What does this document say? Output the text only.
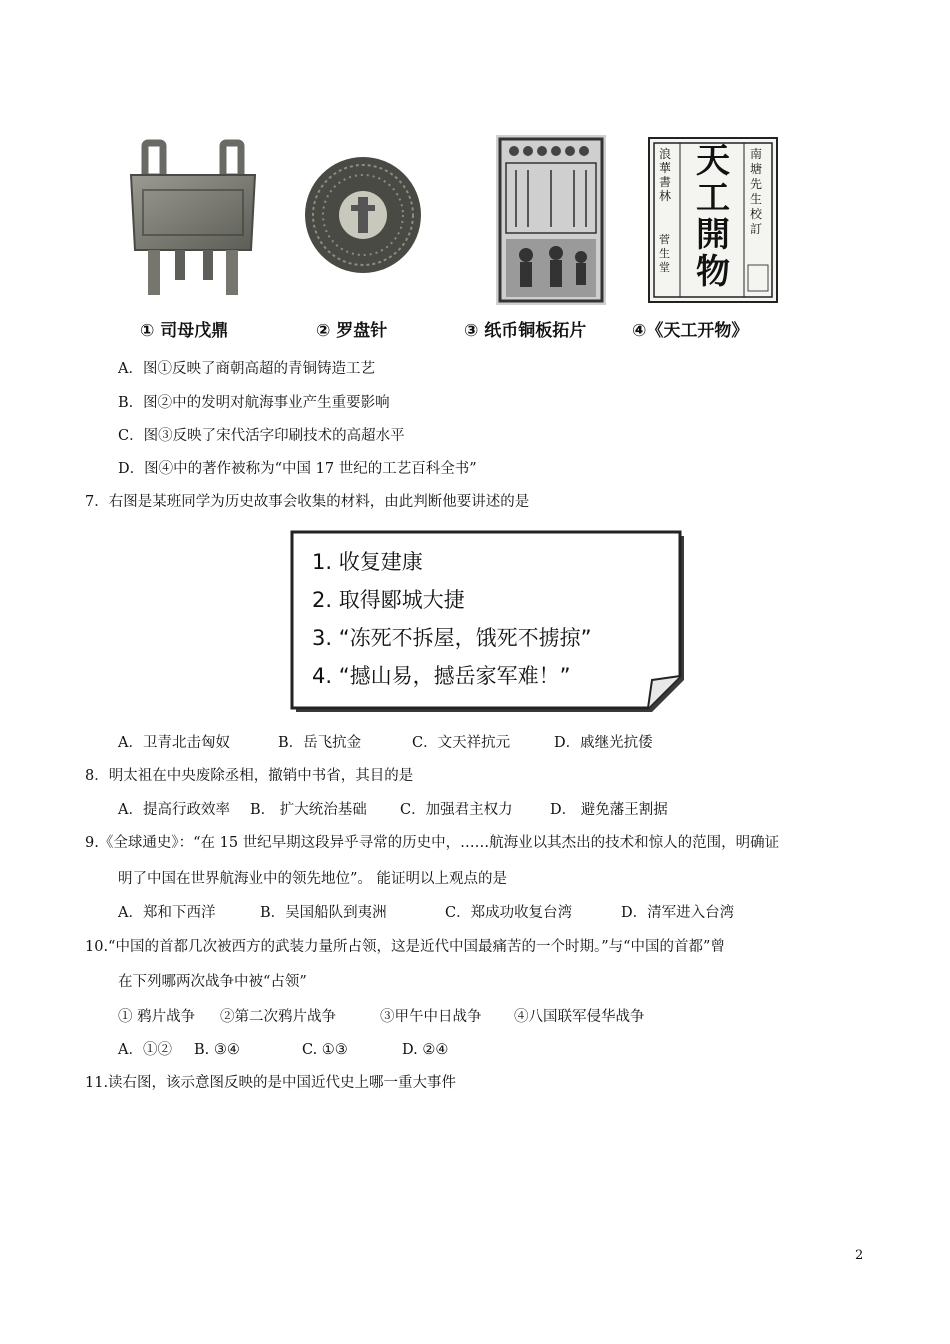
浪華書林
菅生堂
天
工
開
物
南塘先生校訂
① 司母戊鼎	② 罗盘针	③ 纸币铜板拓片	④《天工开物》
A．图①反映了商朝高超的青铜铸造工艺
B．图②中的发明对航海事业产生重要影响
C．图③反映了宋代活字印刷技术的高超水平
D．图④中的著作被称为“中国 17 世纪的工艺百科全书”
7．右图是某班同学为历史故事会收集的材料，由此判断他要讲述的是
1. 收复建康
2. 取得郾城大捷
3. “冻死不拆屋，饿死不掳掠”
4. “撼山易，撼岳家军难！”
A．卫青北击匈奴	B．岳飞抗金	C．文天祥抗元	D．戚继光抗倭
8．明太祖在中央废除丞相，撤销中书省，其目的是
A．提高行政效率 B． 扩大统治基础 C．加强君主权力	D． 避免藩王割据
9.《全球通史》：“在 15 世纪早期这段异乎寻常的历史中，……航海业以其杰出的技术和惊人的范围，明确证
明了中国在世界航海业中的领先地位”。 能证明以上观点的是
A．郑和下西洋	B．吴国船队到夷洲	C．郑成功收复台湾	D．清军进入台湾
10.“中国的首都几次被西方的武装力量所占领，这是近代中国最痛苦的一个时期。”与“中国的首都”曾
在下列哪两次战争中被“占领”
① 鸦片战争 ②第二次鸦片战争	③甲午中日战争 ④八国联军侵华战争
A．①② B. ③④	C. ①③	D. ②④
11.读右图，该示意图反映的是中国近代史上哪一重大事件
2
